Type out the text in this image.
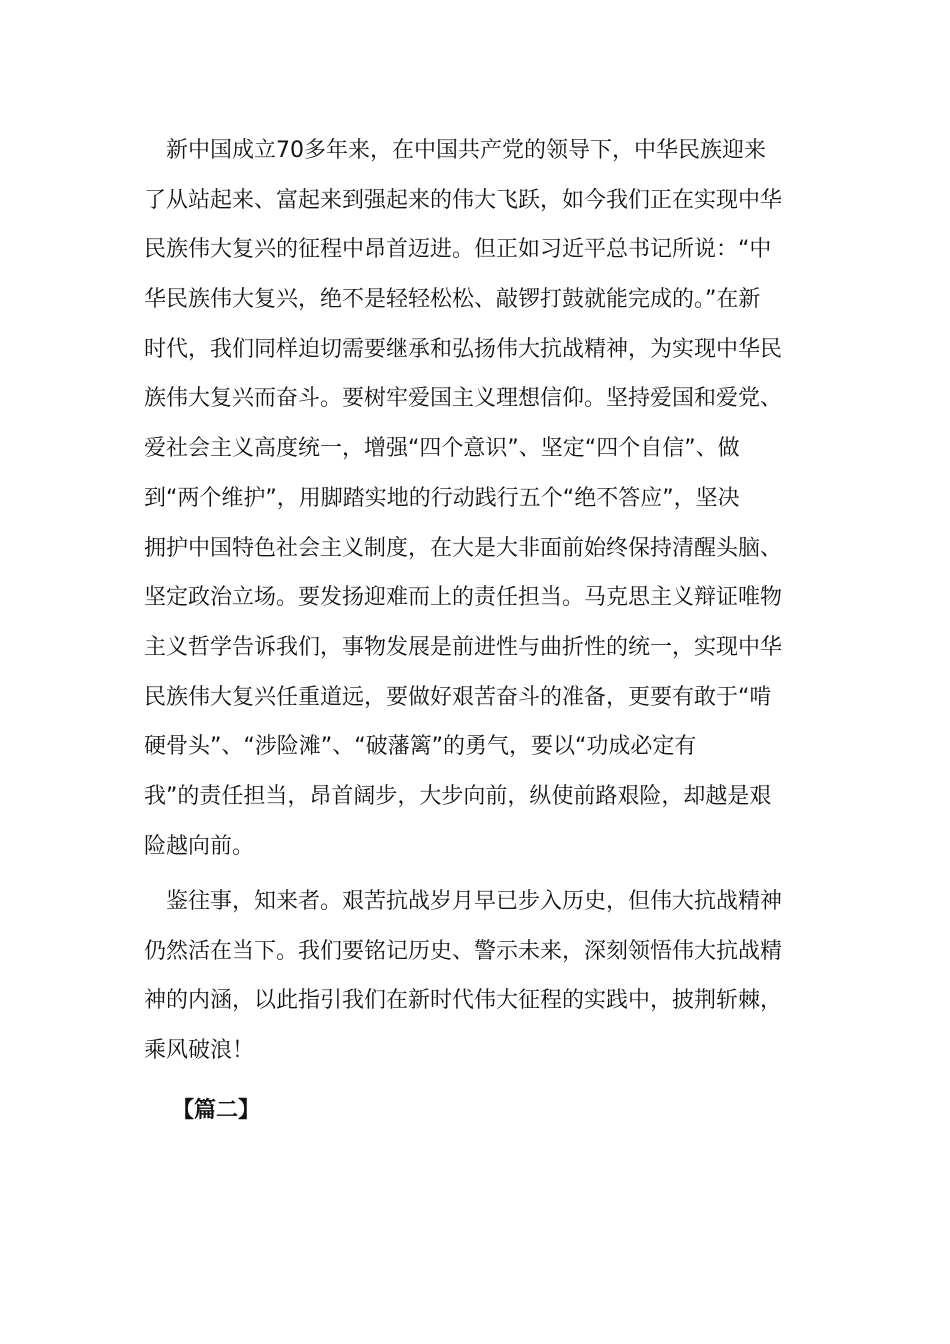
　新中国成立70多年来，在中国共产党的领导下，中华民族迎来
了从站起来、富起来到强起来的伟大飞跃，如今我们正在实现中华
民族伟大复兴的征程中昂首迈进。但正如习近平总书记所说：“中
华民族伟大复兴，绝不是轻轻松松、敲锣打鼓就能完成的。”在新
时代，我们同样迫切需要继承和弘扬伟大抗战精神，为实现中华民
族伟大复兴而奋斗。要树牢爱国主义理想信仰。坚持爱国和爱党、
爱社会主义高度统一，增强“四个意识”、坚定“四个自信”、做
到“两个维护”，用脚踏实地的行动践行五个“绝不答应”，坚决
拥护中国特色社会主义制度，在大是大非面前始终保持清醒头脑、
坚定政治立场。要发扬迎难而上的责任担当。马克思主义辩证唯物
主义哲学告诉我们，事物发展是前进性与曲折性的统一，实现中华
民族伟大复兴任重道远，要做好艰苦奋斗的准备，更要有敢于“啃
硬骨头”、“涉险滩”、“破藩篱”的勇气，要以“功成必定有
我”的责任担当，昂首阔步，大步向前，纵使前路艰险，却越是艰
险越向前。
　鉴往事，知来者。艰苦抗战岁月早已步入历史，但伟大抗战精神
仍然活在当下。我们要铭记历史、警示未来，深刻领悟伟大抗战精
神的内涵，以此指引我们在新时代伟大征程的实践中，披荆斩棘，
乘风破浪！
【篇二】
